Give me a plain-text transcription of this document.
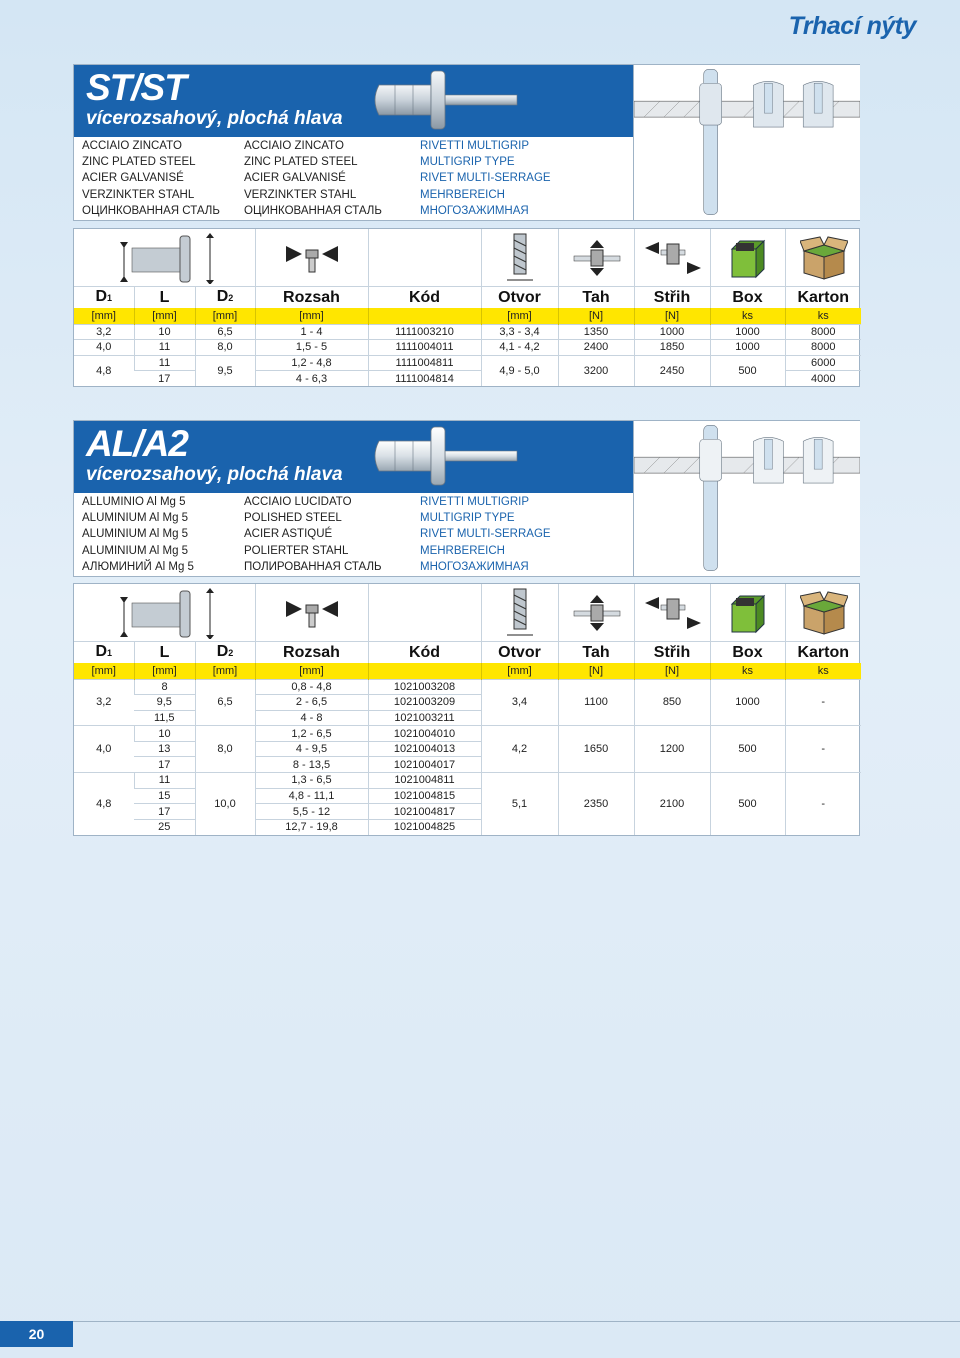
Trhací nýty
ST/ST
vícerozsahový, plochá hlava
ACCIAIO ZINCATO
ZINC PLATED STEEL
ACIER GALVANISÉ
VERZINKTER STAHL
ОЦИНКОВАННАЯ СТАЛЬ
ACCIAIO ZINCATO
ZINC PLATED STEEL
ACIER GALVANISÉ
VERZINKTER STAHL
ОЦИНКОВАННАЯ СТАЛЬ
RIVETTI MULTIGRIP
MULTIGRIP TYPE
RIVET MULTI-SERRAGE
MEHRBEREICH
МНОГОЗАЖИМНАЯ
D1	L	D2	Rozsah	Kód	Otvor	Tah	Střih	Box	Karton
[mm]	[mm]	[mm]	[mm]		[mm]	[N]	[N]	ks	ks
3,2	10	6,5	1 - 4	1111003210	3,3 - 3,4	1350	1000	1000	8000
4,0	11	8,0	1,5 - 5	1111004011	4,1 - 4,2	2400	1850	1000	8000
4,8	11	9,5	1,2 - 4,8	1111004811	4,9 - 5,0	3200	2450	500	6000
	17		4 - 6,3	1111004814					4000
AL/A2
vícerozsahový, plochá hlava
ALLUMINIO Al Mg 5
ALUMINIUM Al Mg 5
ALUMINIUM Al Mg 5
ALUMINIUM Al Mg 5
АЛЮМИНИЙ Al Mg 5
ACCIAIO LUCIDATO
POLISHED STEEL
ACIER ASTIQUÉ
POLIERTER STAHL
ПОЛИРОВАННАЯ СТАЛЬ
RIVETTI MULTIGRIP
MULTIGRIP TYPE
RIVET MULTI-SERRAGE
MEHRBEREICH
МНОГОЗАЖИМНАЯ
D1	L	D2	Rozsah	Kód	Otvor	Tah	Střih	Box	Karton
[mm]	[mm]	[mm]	[mm]		[mm]	[N]	[N]	ks	ks
3,2	8	6,5	0,8 - 4,8	1021003208	3,4	1100	850	1000	-
	9,5		2 - 6,5	1021003209					
	11,5		4 - 8	1021003211					
4,0	10	8,0	1,2 - 6,5	1021004010	4,2	1650	1200	500	-
	13		4 - 9,5	1021004013					
	17		8 - 13,5	1021004017					
4,8	11	10,0	1,3 - 6,5	1021004811	5,1	2350	2100	500	-
	15		4,8 - 11,1	1021004815					
	17		5,5 - 12	1021004817					
	25		12,7 - 19,8	1021004825					
20
